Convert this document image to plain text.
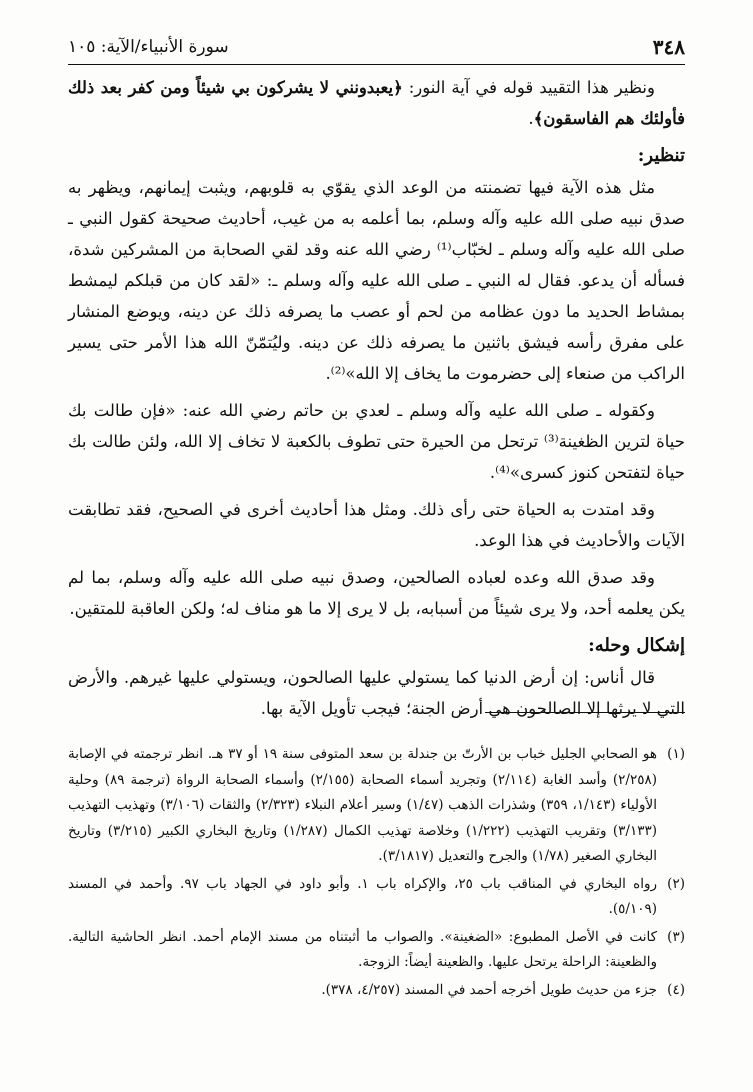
٣٤٨
سورة الأنبياء/الآية: ١٠٥

ونظير هذا التقييد قوله في آية النور: ﴿يعبدونني لا يشركون بي شيئاً ومن كفر بعد ذلك فأولئك هم الفاسقون﴾.

تنظير:

مثل هذه الآية فيها تضمنته من الوعد الذي يقوّي به قلوبهم، ويثبت إيمانهم، ويظهر به صدق نبيه صلى الله عليه وآله وسلم، بما أعلمه به من غيب، أحاديث صحيحة كقول النبي ـ صلى الله عليه وآله وسلم ـ لخبّاب⁽¹⁾ رضي الله عنه وقد لقي الصحابة من المشركين شدة، فسأله أن يدعو. فقال له النبي ـ صلى الله عليه وآله وسلم ـ: «لقد كان من قبلكم ليمشط بمشاط الحديد ما دون عظامه من لحم أو عصب ما يصرفه ذلك عن دينه، ويوضع المنشار على مفرق رأسه فيشق باثنين ما يصرفه ذلك عن دينه. وليُتمّنّ الله هذا الأمر حتى يسير الراكب من صنعاء إلى حضرموت ما يخاف إلا الله»⁽²⁾.

وكقوله ـ صلى الله عليه وآله وسلم ـ لعدي بن حاتم رضي الله عنه: «فإن طالت بك حياة لترين الظغينة⁽³⁾ ترتحل من الحيرة حتى تطوف بالكعبة لا تخاف إلا الله، ولئن طالت بك حياة لتفتحن كنوز كسرى»⁽⁴⁾.

وقد امتدت به الحياة حتى رأى ذلك. ومثل هذا أحاديث أخرى في الصحيح، فقد تطابقت الآيات والأحاديث في هذا الوعد.

وقد صدق الله وعده لعباده الصالحين، وصدق نبيه صلى الله عليه وآله وسلم، بما لم يكن يعلمه أحد، ولا يرى شيئاً من أسبابه، بل لا يرى إلا ما هو مناف له؛ ولكن العاقبة للمتقين.

إشكال وحله:

قال أناس: إن أرض الدنيا كما يستولي عليها الصالحون، ويستولي عليها غيرهم. والأرض التي لا يرثها إلا الصالحون هي أرض الجنة؛ فيجب تأويل الآية بها.

(١)
هو الصحابي الجليل خباب بن الأرتّ بن جندلة بن سعد المتوفى سنة ١٩ أو ٣٧ هـ. انظر ترجمته في الإصابة (٢/٢٥٨) وأسد الغابة (٢/١١٤) وتجريد أسماء الصحابة (٢/١٥٥) وأسماء الصحابة الرواة (ترجمة ٨٩) وحلية الأولياء (١/١٤٣، ٣٥٩) وشذرات الذهب (١/٤٧) وسير أعلام النبلاء (٢/٣٢٣) والثقات (٣/١٠٦) وتهذيب التهذيب (٣/١٣٣) وتقريب التهذيب (١/٢٢٢) وخلاصة تهذيب الكمال (١/٢٨٧) وتاريخ البخاري الكبير (٣/٢١٥) وتاريخ البخاري الصغير (١/٧٨) والجرح والتعديل (٣/١٨١٧).
(٢)
رواه البخاري في المناقب باب ٢٥، والإكراه باب ١. وأبو داود في الجهاد باب ٩٧. وأحمد في المسند (٥/١٠٩).
(٣)
كانت في الأصل المطبوع: «الضغينة». والصواب ما أثبتناه من مسند الإمام أحمد. انظر الحاشية التالية. والظعينة: الراحلة يرتحل عليها. والظعينة أيضاً: الزوجة.
(٤)
جزء من حديث طويل أخرجه أحمد في المسند (٤/٢٥٧، ٣٧٨).
